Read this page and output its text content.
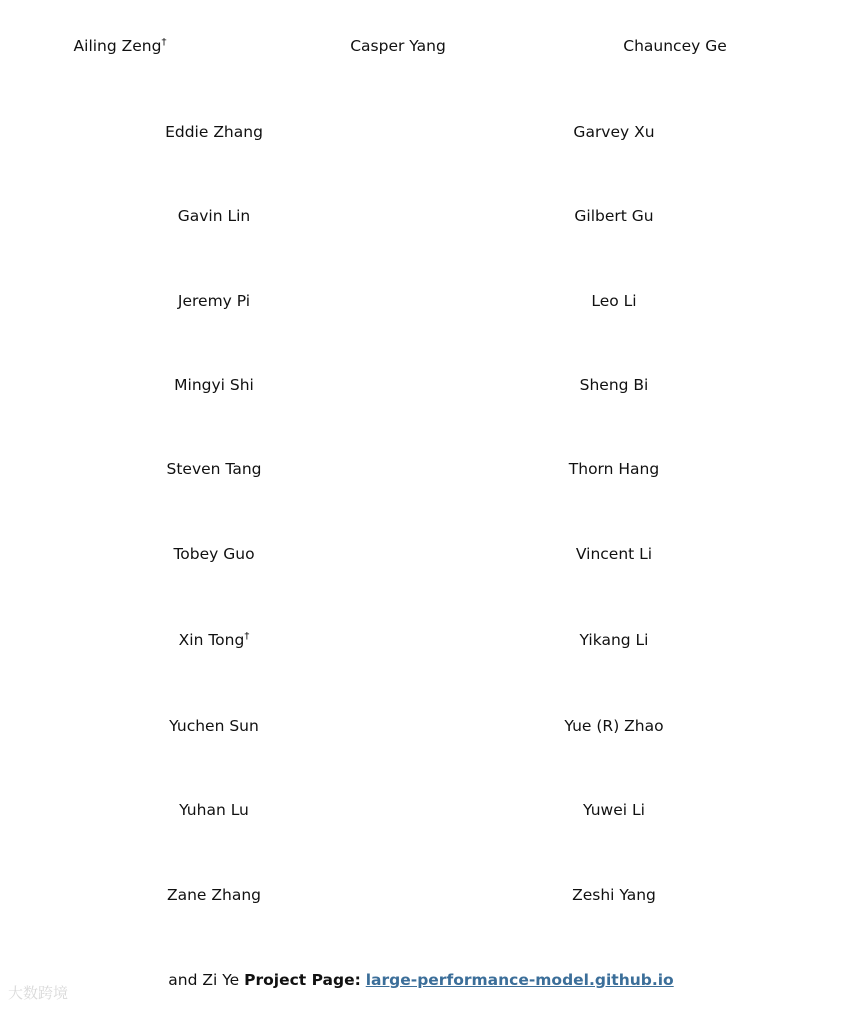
Ailing Zeng†	Casper Yang	Chauncey Ge
Eddie Zhang
Gavin Lin
Jeremy Pi
Mingyi Shi
Steven Tang
Tobey Guo
Xin Tong†
Yuchen Sun
Yuhan Lu
Zane Zhang
Garvey Xu
Gilbert Gu
Leo Li
Sheng Bi
Thorn Hang
Vincent Li
Yikang Li
Yue (R) Zhao
Yuwei Li
Zeshi Yang
and Zi Ye Project Page: large-performance-model.github.io
大数跨境
